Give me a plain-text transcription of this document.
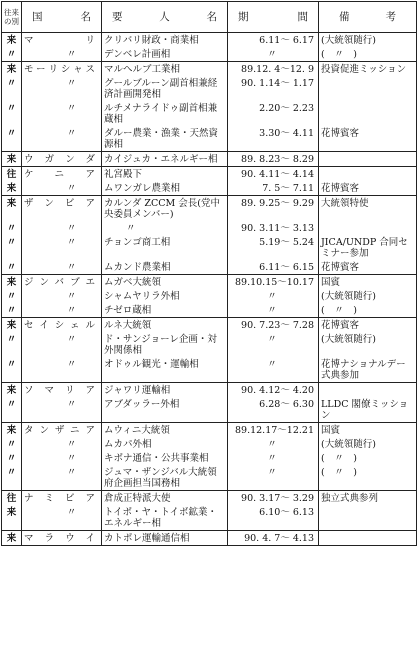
往来
の別	国名	要人名	期間	備考
来	マリ	クリバリ財政・商業相	6.11～ 6.17	(大統領随行)
〃	〃	デンベレ計画相	〃	(　〃　)
来	モーリシャス	マルへルブ工業相	89.12. 4～12. 9	投資促進ミッション
〃	〃	グールブルーン副首相兼経済計画開発相	90. 1.14～ 1.17	
〃	〃	ルチメナライドゥ副首相兼蔵相	2.20～ 2.23	
〃	〃	ダルー農業・漁業・天然資源相	3.30～ 4.11	花博賓客
来	ウガンダ	カイジュカ・エネルギー相	89. 8.23～ 8.29	
往	ケニア	礼宮殿下	90. 4.11～ 4.14	
来	〃	ムワンガレ農業相	7. 5～ 7.11	花博賓客
来	ザンビア	カルンダ ZCCM 会長(党中央委員メンバー)	89. 9.25～ 9.29	大統領特使
〃	〃	〃	90. 3.11～ 3.13	
〃	〃	チョンゴ商工相	5.19～ 5.24	JICA/UNDP 合同セミナー参加
〃	〃	ムカンド農業相	6.11～ 6.15	花博賓客
来	ジンバブエ	ムガベ大統領	89.10.15～10.17	国賓
〃	〃	シャムヤリラ外相	〃	(大統領随行)
〃	〃	チゼロ蔵相	〃	(　〃　)
来	セイシェル	ルネ大統領	90. 7.23～ 7.28	花博賓客
〃	〃	ド・サンジョーレ企画・対外関係相	〃	(大統領随行)
〃	〃	オドゥル観光・運輸相	〃	花博ナショナルデー式典参加
来	ソマリア	ジャワリ運輸相	90. 4.12～ 4.20	
〃	〃	アブダッラー外相	6.28～ 6.30	LLDC 閣僚ミッション
来	タンザニア	ムウィニ大統領	89.12.17～12.21	国賓
〃	〃	ムカパ外相	〃	(大統領随行)
〃	〃	キボナ通信・公共事業相	〃	(　〃　)
〃	〃	ジュマ・ザンジバル大統領府企画担当国務相	〃	(　〃　)
往	ナミビア	倉成正特派大使	90. 3.17～ 3.29	独立式典参列
来	〃	トイボ・ヤ・トイボ鉱業・エネルギー相	6.10～ 6.13	
来	マラウイ	カトポレ運輸通信相	90. 4. 7～ 4.13	
